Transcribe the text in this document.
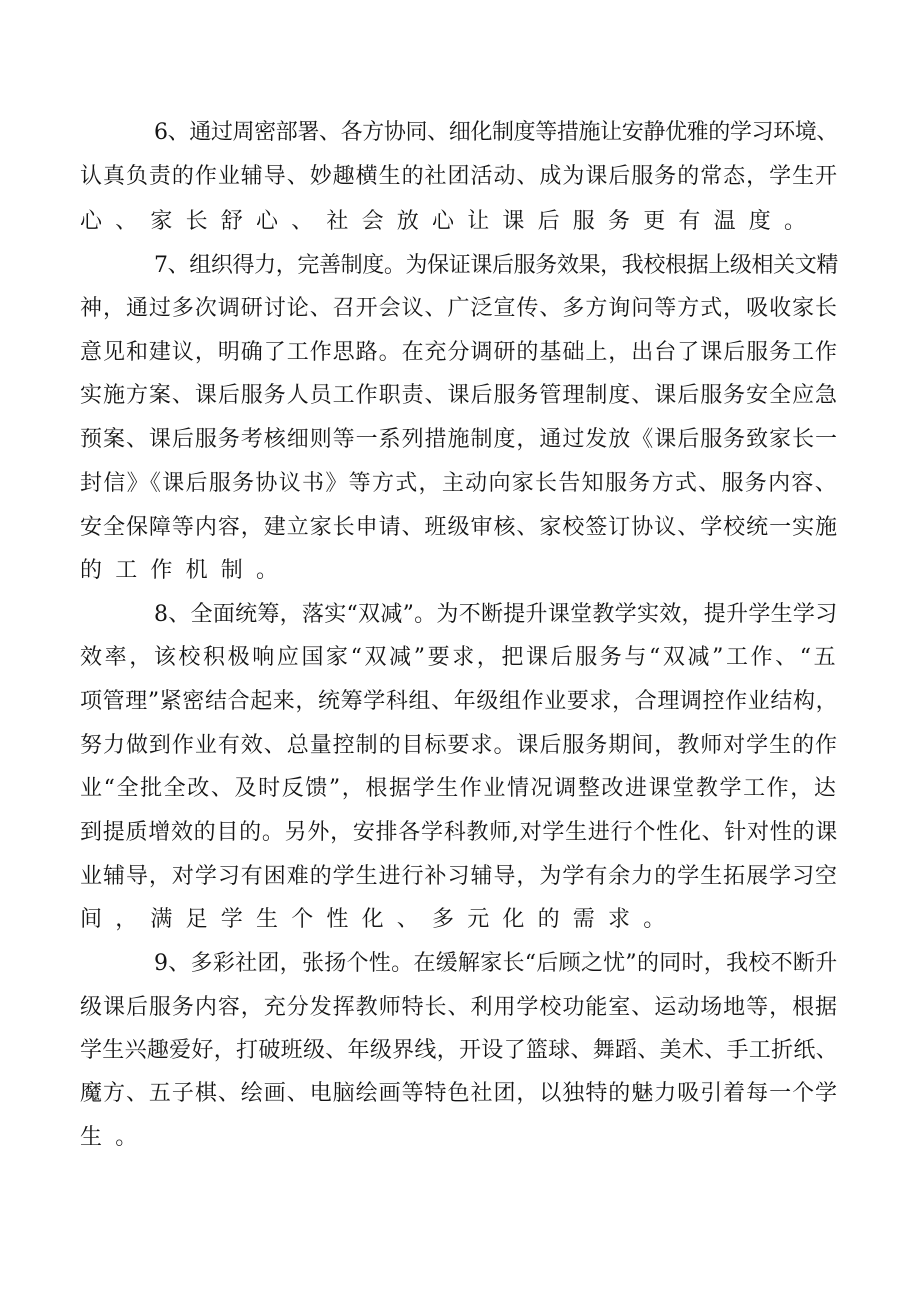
6、通过周密部署、各方协同、细化制度等措施让安静优雅的学习环境、

认真负责的作业辅导、妙趣横生的社团活动、成为课后服务的常态，学生开

心、家长舒心、社会放心让课后服务更有温度。

7、组织得力，完善制度。为保证课后服务效果，我校根据上级相关文精

神，通过多次调研讨论、召开会议、广泛宣传、多方询问等方式，吸收家长

意见和建议，明确了工作思路。在充分调研的基础上，出台了课后服务工作

实施方案、课后服务人员工作职责、课后服务管理制度、课后服务安全应急

预案、课后服务考核细则等一系列措施制度，通过发放《课后服务致家长一

封信》《课后服务协议书》等方式，主动向家长告知服务方式、服务内容、

安全保障等内容，建立家长申请、班级审核、家校签订协议、学校统一实施

的工作机制。

8、全面统筹，落实“双减”。为不断提升课堂教学实效，提升学生学习

效率，该校积极响应国家“双减”要求，把课后服务与“双减”工作、“五

项管理”紧密结合起来，统筹学科组、年级组作业要求，合理调控作业结构，

努力做到作业有效、总量控制的目标要求。课后服务期间，教师对学生的作

业“全批全改、及时反馈”，根据学生作业情况调整改进课堂教学工作，达

到提质增效的目的。另外，安排各学科教师,对学生进行个性化、针对性的课

业辅导，对学习有困难的学生进行补习辅导，为学有余力的学生拓展学习空

间，满足学生个性化、多元化的需求。

9、多彩社团，张扬个性。在缓解家长“后顾之忧”的同时，我校不断升

级课后服务内容，充分发挥教师特长、利用学校功能室、运动场地等，根据

学生兴趣爱好，打破班级、年级界线，开设了篮球、舞蹈、美术、手工折纸、

魔方、五子棋、绘画、电脑绘画等特色社团，以独特的魅力吸引着每一个学

生。
